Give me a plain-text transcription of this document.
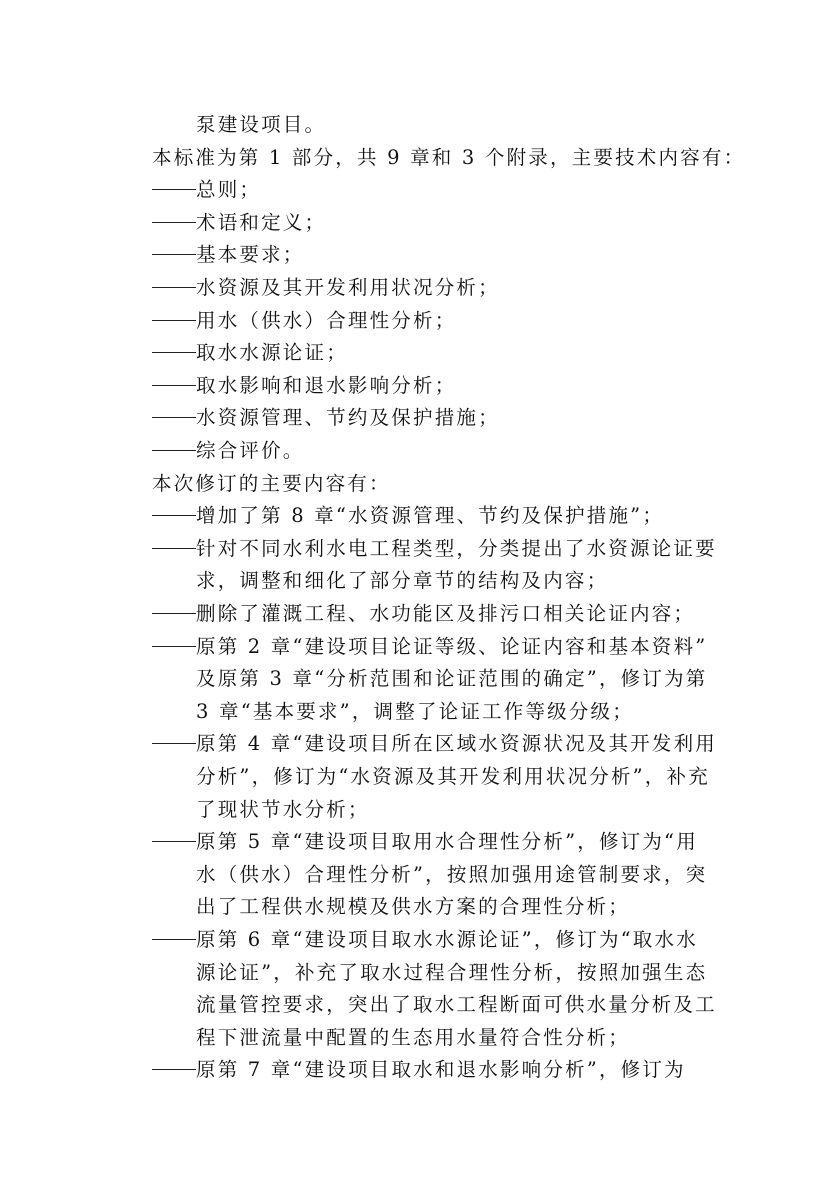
泵建设项目。
本标准为第 1 部分，共 9 章和 3 个附录，主要技术内容有：
总则；
术语和定义；
基本要求；
水资源及其开发利用状况分析；
用水（供水）合理性分析；
取水水源论证；
取水影响和退水影响分析；
水资源管理、节约及保护措施；
综合评价。
本次修订的主要内容有：
增加了第 8 章“水资源管理、节约及保护措施”；
针对不同水利水电工程类型，分类提出了水资源论证要
求，调整和细化了部分章节的结构及内容；
删除了灌溉工程、水功能区及排污口相关论证内容；
原第 2 章“建设项目论证等级、论证内容和基本资料”
及原第 3 章“分析范围和论证范围的确定”，修订为第
3 章“基本要求”，调整了论证工作等级分级；
原第 4 章“建设项目所在区域水资源状况及其开发利用
分析”，修订为“水资源及其开发利用状况分析”，补充
了现状节水分析；
原第 5 章“建设项目取用水合理性分析”，修订为“用
水（供水）合理性分析”，按照加强用途管制要求，突
出了工程供水规模及供水方案的合理性分析；
原第 6 章“建设项目取水水源论证”，修订为“取水水
源论证”，补充了取水过程合理性分析，按照加强生态
流量管控要求，突出了取水工程断面可供水量分析及工
程下泄流量中配置的生态用水量符合性分析；
原第 7 章“建设项目取水和退水影响分析”，修订为
